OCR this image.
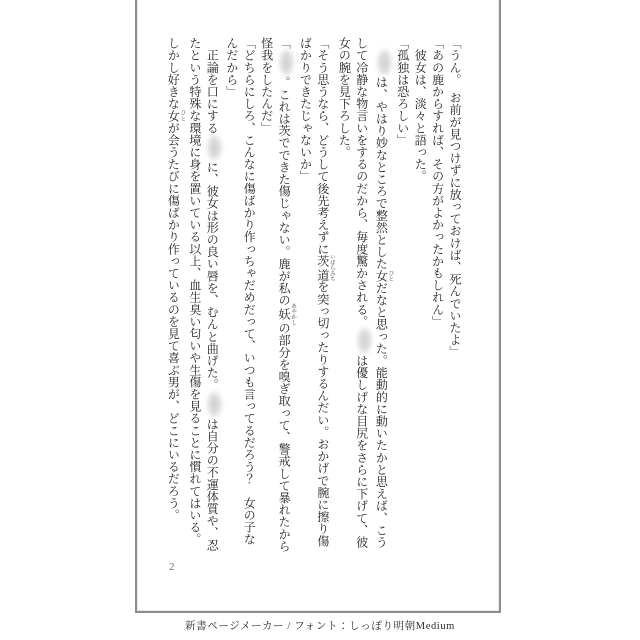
「うん。　お前が見つけずに放っておけば、死んでいたよ」

「あの鹿からすれば、その方がよかったかもしれん」

　彼女は、淡々と語った。

「孤独は恐ろしい」

　は、やはり妙なところで整然とした女 ひとだなと思った。能動的に動いたかと思えば、こう

して冷静な物言いをするのだから、毎度驚かされる。は優しげな目尻をさらに下げて、彼

女の腕を見下ろした。

「そう思うなら、どうして後先考えずに茨道 いばらみちを突っ切ったりするんだい。おかげで腕に擦り傷

ばかりできたじゃないか」

「。これは茨でできた傷じゃない。鹿が私の妖 あやかしの部分を嗅ぎ取って、警戒して暴れたから

怪我をしたんだ」

「どちらにしろ、こんなに傷ばかり作っちゃだめだって、いつも言ってるだろう？　女の子な

んだから」

　正論を口にするに、彼女は形の良い唇を、むんと曲げた。は自分の不運体質や、忍

たという特殊な環境に身を置いている以上、血生臭い匂いや生傷を見ることに慣れてはいる。

しかし好きな女 ひとが会うたびに傷ばかり作っているのを見て喜ぶ男が、どこにいるだろう。

2
新書ページメーカー / フォント：しっぽり明朝Medium
